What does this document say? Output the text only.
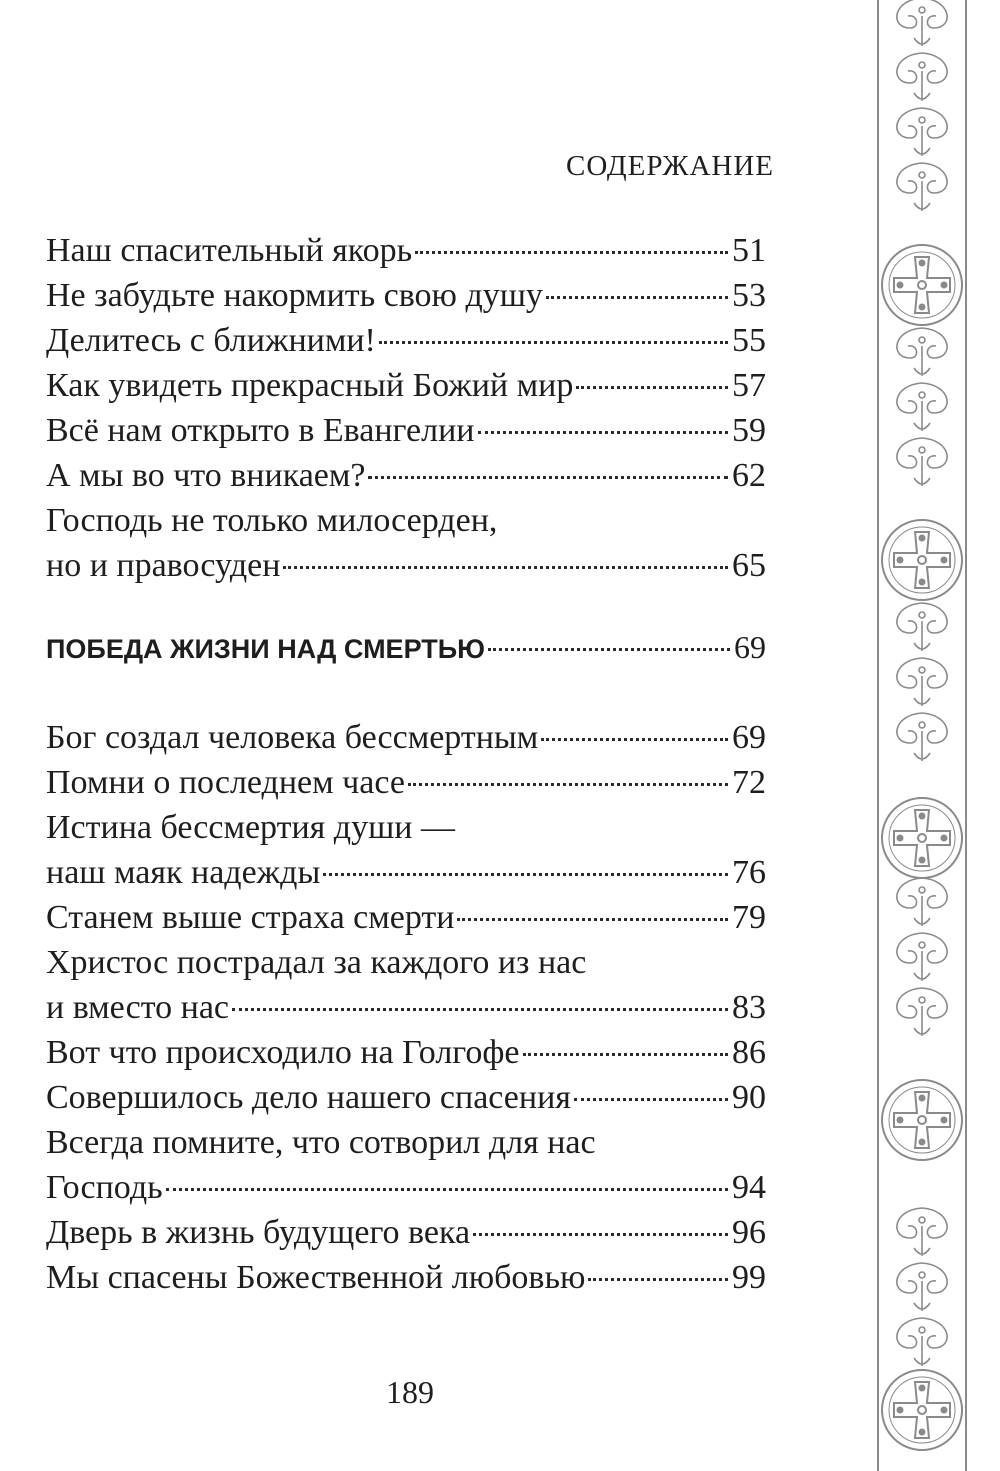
СОДЕРЖАНИЕ
Наш спасительный якорь	51
Не забудьте накормить свою душу	53
Делитесь с ближними!	55
Как увидеть прекрасный Божий мир	57
Всё нам открыто в Евангелии	59
А мы во что вникаем?	62
Господь не только милосерден,
но и правосуден	65
ПОБЕДА ЖИЗНИ НАД СМЕРТЬЮ	69
Бог создал человека бессмертным	69
Помни о последнем часе	72
Истина бессмертия души —
наш маяк надежды	76
Станем выше страха смерти	79
Христос пострадал за каждого из нас
и вместо нас	83
Вот что происходило на Голгофе	86
Совершилось дело нашего спасения	90
Всегда помните, что сотворил для нас
Господь	94
Дверь в жизнь будущего века	96
Мы спасены Божественной любовью	99
189
